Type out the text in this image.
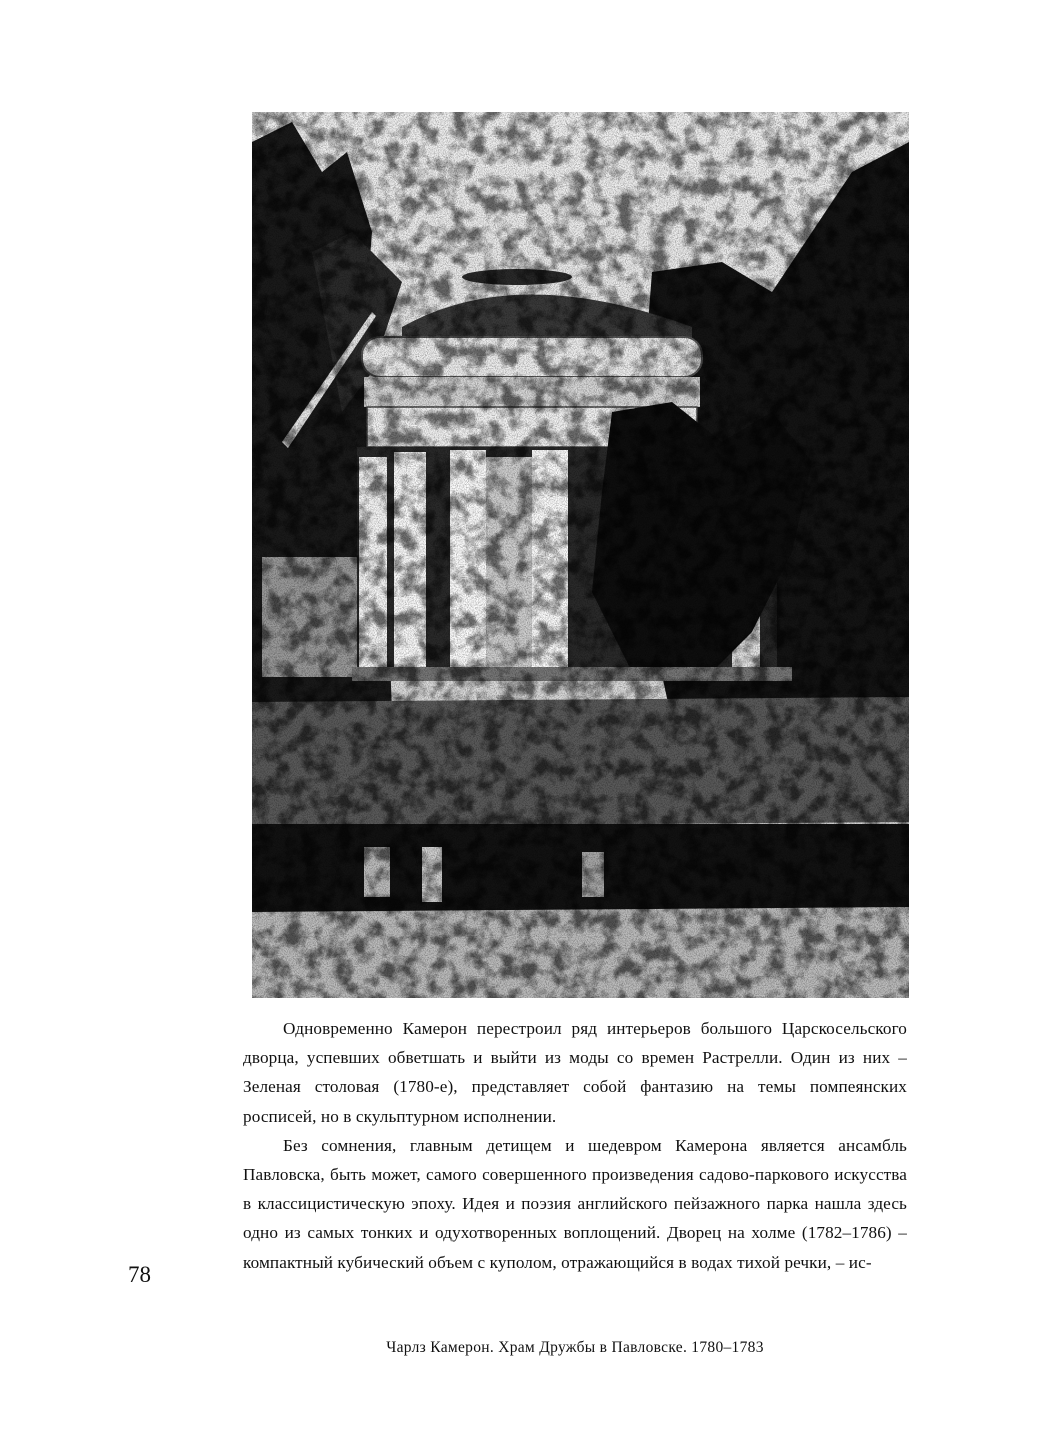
Одновременно Камерон перестроил ряд интерьеров большого Царскосельского дворца, успевших обветшать и выйти из моды со времен Растрелли. Один из них – Зеленая столовая (1780-е), представляет собой фантазию на темы помпеянских росписей, но в скульптурном исполнении.

Без сомнения, главным детищем и шедевром Камерона является ансамбль Павловска, быть может, самого совершенного произведения садово-паркового искусства в классицистическую эпоху. Идея и поэзия английского пейзажного парка нашла здесь одно из самых тонких и одухотворенных воплощений. Дворец на холме (1782–1786) – компактный кубический объем с куполом, отражающийся в водах тихой речки, – ис-

78
Чарлз Камерон. Храм Дружбы в Павловске. 1780–1783
